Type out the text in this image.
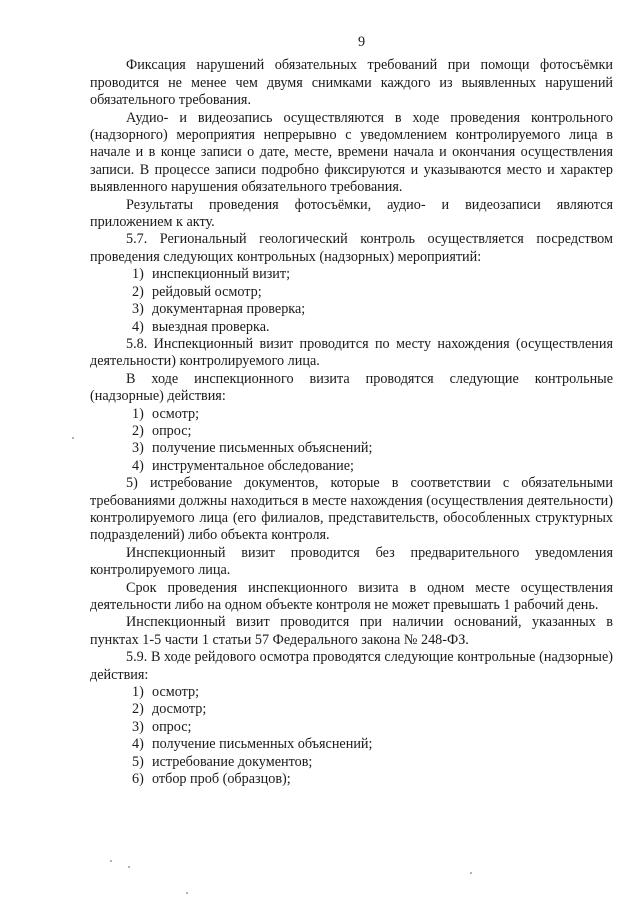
9

Фиксация нарушений обязательных требований при помощи фотосъёмки проводится не менее чем двумя снимками каждого из выявленных нарушений обязательного требования.

Аудио- и видеозапись осуществляются в ходе проведения контрольного (надзорного) мероприятия непрерывно с уведомлением контролируемого лица в начале и в конце записи о дате, месте, времени начала и окончания осуществления записи. В процессе записи подробно фиксируются и указываются место и характер выявленного нарушения обязательного требования.

Результаты проведения фотосъёмки, аудио- и видеозаписи являются приложением к акту.

5.7. Региональный геологический контроль осуществляется посредством проведения следующих контрольных (надзорных) мероприятий:

1) инспекционный визит;
2) рейдовый осмотр;
3) документарная проверка;
4) выездная проверка.

5.8. Инспекционный визит проводится по месту нахождения (осуществления деятельности) контролируемого лица.

В ходе инспекционного визита проводятся следующие контрольные (надзорные) действия:

1) осмотр;
2) опрос;
3) получение письменных объяснений;
4) инструментальное обследование;

5) истребование документов, которые в соответствии с обязательными требованиями должны находиться в месте нахождения (осуществления деятельности) контролируемого лица (его филиалов, представительств, обособленных структурных подразделений) либо объекта контроля.

Инспекционный визит проводится без предварительного уведомления контролируемого лица.

Срок проведения инспекционного визита в одном месте осуществления деятельности либо на одном объекте контроля не может превышать 1 рабочий день.

Инспекционный визит проводится при наличии оснований, указанных в пунктах 1-5 части 1 статьи 57 Федерального закона № 248-ФЗ.

5.9. В ходе рейдового осмотра проводятся следующие контрольные (надзорные) действия:

1) осмотр;
2) досмотр;
3) опрос;
4) получение письменных объяснений;
5) истребование документов;
6) отбор проб (образцов);
